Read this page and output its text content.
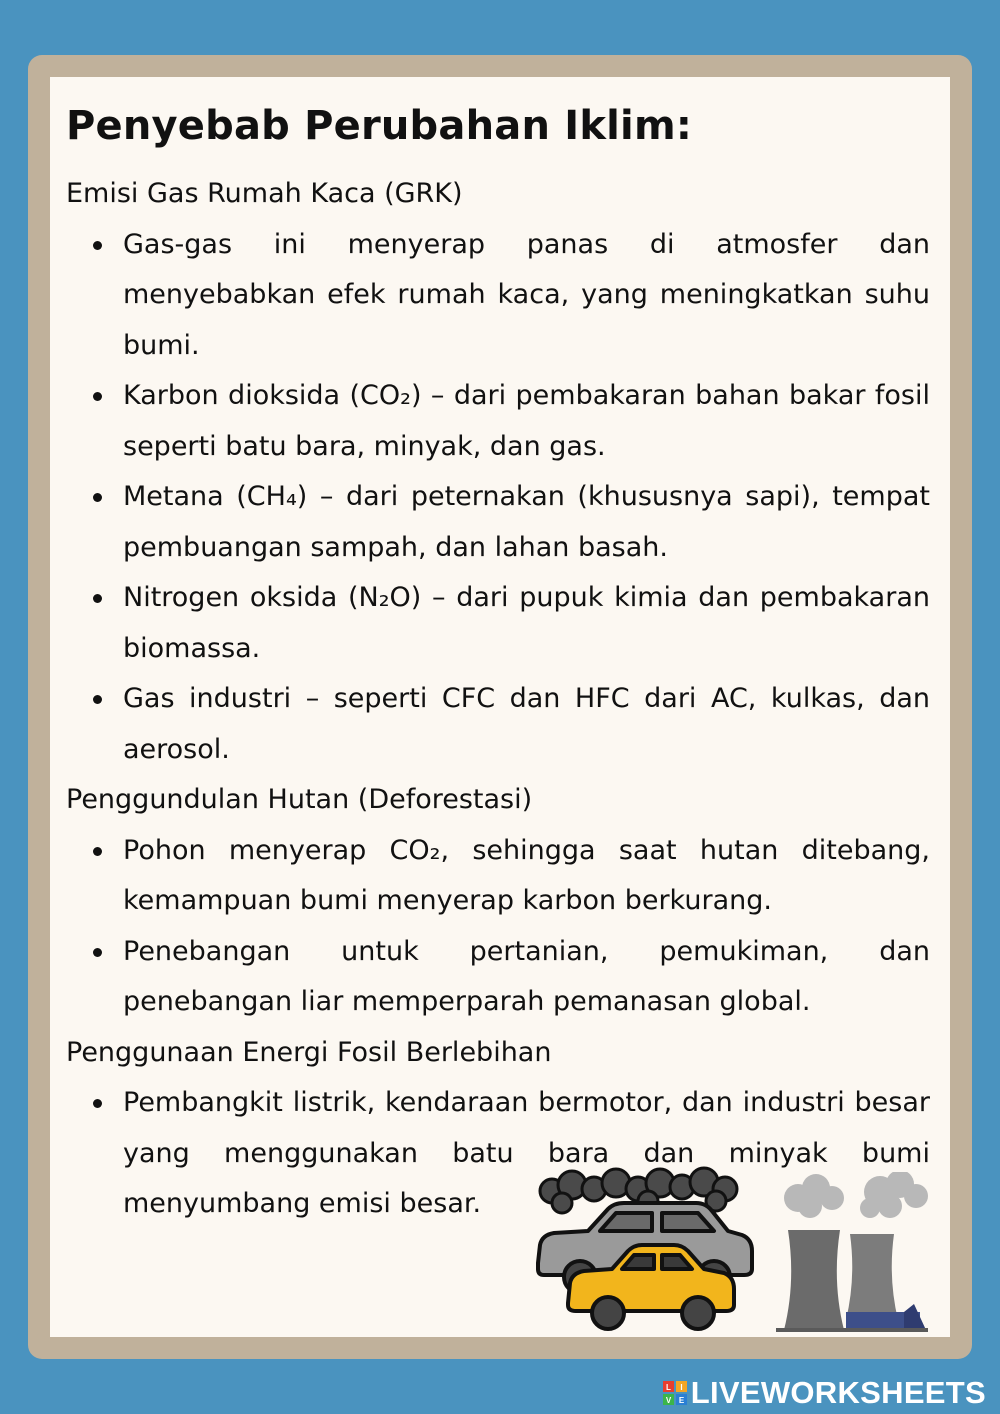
Penyebab Perubahan Iklim:

Emisi Gas Rumah Kaca (GRK)

Gas-gas ini menyerap panas di atmosfer dan menyebabkan efek rumah kaca, yang meningkatkan suhu bumi.
Karbon dioksida (CO₂) – dari pembakaran bahan bakar fosil seperti batu bara, minyak, dan gas.
Metana (CH₄) – dari peternakan (khususnya sapi), tempat pembuangan sampah, dan lahan basah.
Nitrogen oksida (N₂O) – dari pupuk kimia dan pembakaran biomassa.
Gas industri – seperti CFC dan HFC dari AC, kulkas, dan aerosol.

Penggundulan Hutan (Deforestasi)

Pohon menyerap CO₂, sehingga saat hutan ditebang, kemampuan bumi menyerap karbon berkurang.
Penebangan untuk pertanian, pemukiman, dan penebangan liar memperparah pemanasan global.

Penggunaan Energi Fosil Berlebihan

Pembangkit listrik, kendaraan bermotor, dan industri besar yang menggunakan batu bara dan minyak bumi menyumbang emisi besar.
L I
V E LIVEWORKSHEETS
